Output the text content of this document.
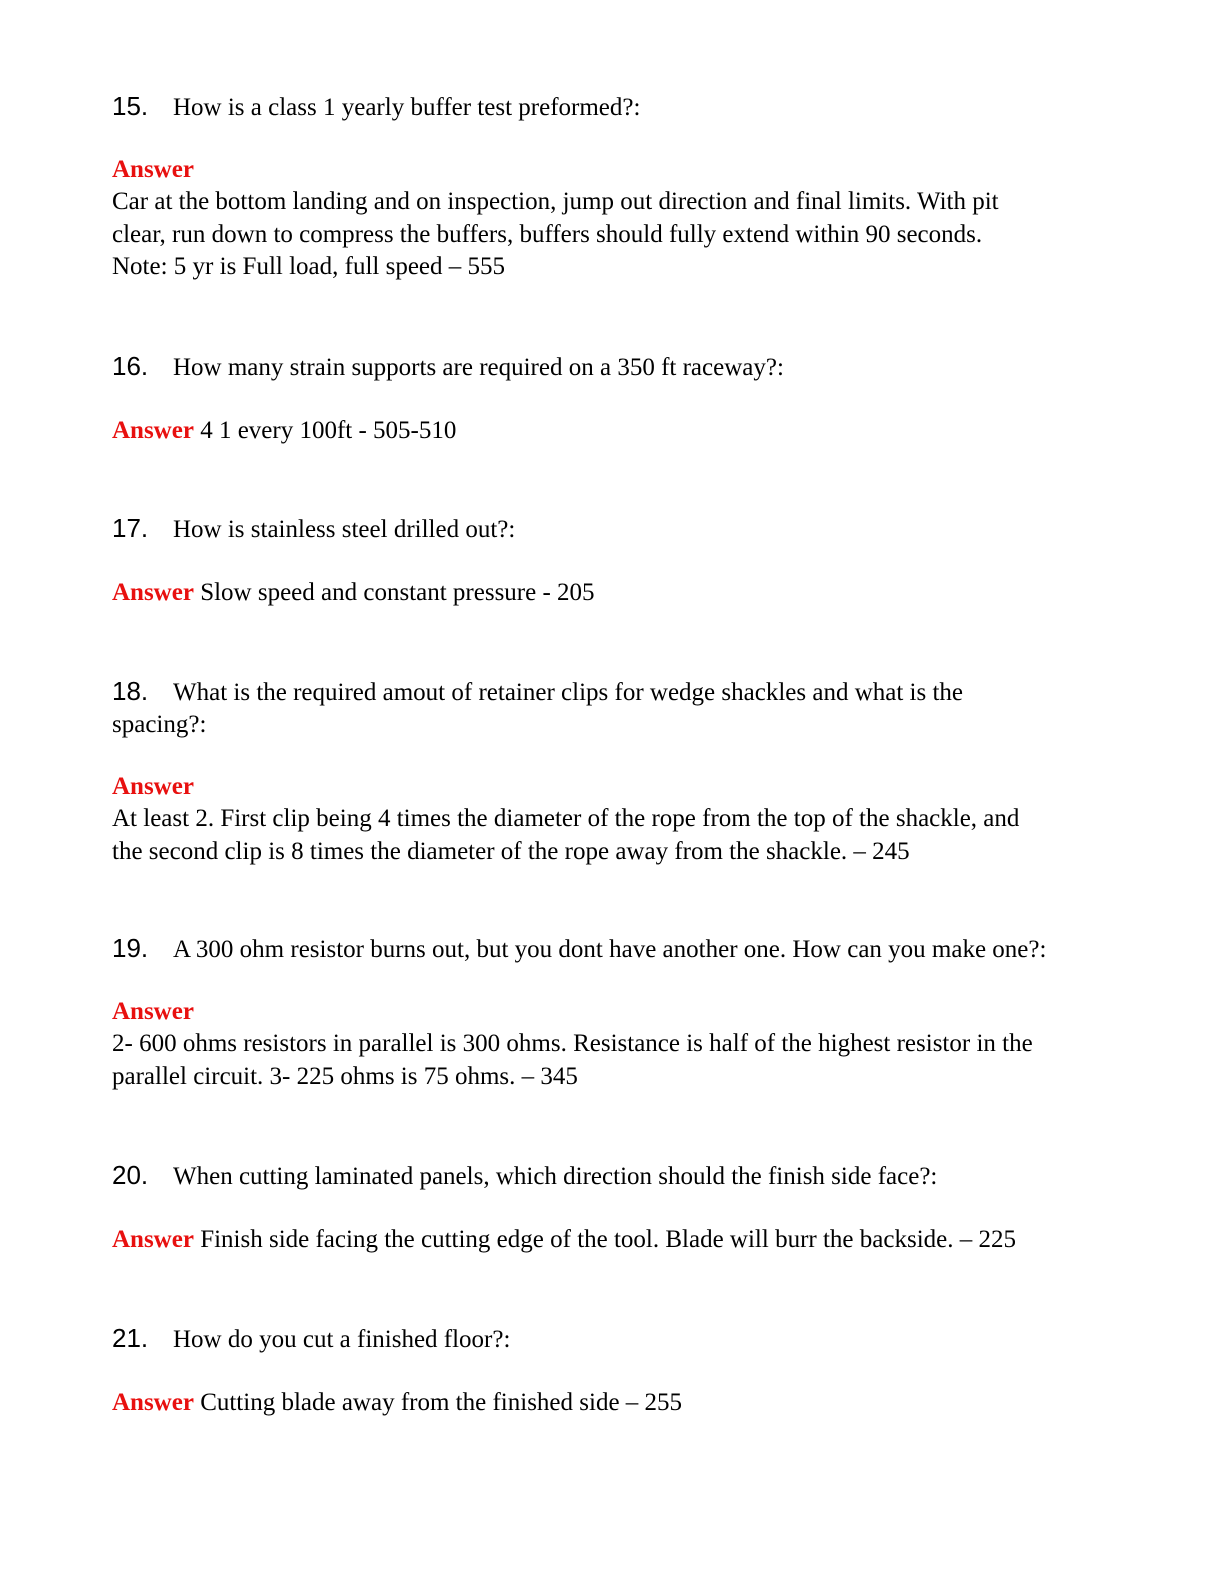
15. How is a class 1 yearly buffer test preformed?:

Answer

Car at the bottom landing and on inspection, jump out direction and final limits. With pit

clear, run down to compress the buffers, buffers should fully extend within 90 seconds.

Note: 5 yr is Full load, full speed – 555

16. How many strain supports are required on a 350 ft raceway?:

Answer 4 1 every 100ft - 505-510

17. How is stainless steel drilled out?:

Answer Slow speed and constant pressure - 205

18. What is the required amout of retainer clips for wedge shackles and what is the

spacing?:

Answer

At least 2. First clip being 4 times the diameter of the rope from the top of the shackle, and

the second clip is 8 times the diameter of the rope away from the shackle. – 245

19. A 300 ohm resistor burns out, but you dont have another one. How can you make one?:

Answer

2- 600 ohms resistors in parallel is 300 ohms. Resistance is half of the highest resistor in the

parallel circuit. 3- 225 ohms is 75 ohms. – 345

20. When cutting laminated panels, which direction should the finish side face?:

Answer Finish side facing the cutting edge of the tool. Blade will burr the backside. – 225

21. How do you cut a finished floor?:

Answer Cutting blade away from the finished side – 255
